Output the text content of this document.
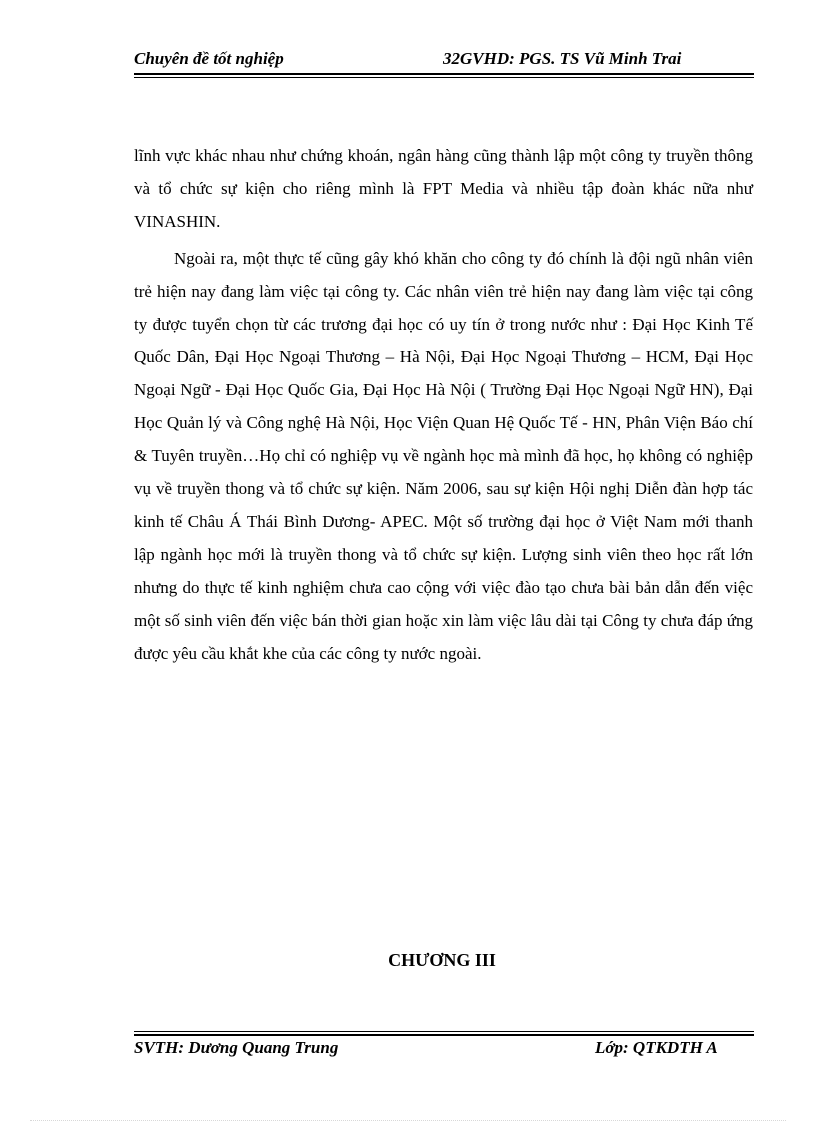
Chuyên đề tốt nghiệp	32GVHD: PGS. TS Vũ Minh Trai

lĩnh vực khác nhau như chứng khoán, ngân hàng cũng thành lập một công ty truyền thông và tổ chức sự kiện cho riêng mình là FPT Media và nhiều tập đoàn khác nữa như VINASHIN.

Ngoài ra, một thực tế cũng gây khó khăn cho công ty đó chính là đội ngũ nhân viên trẻ hiện nay đang làm việc tại công ty. Các nhân viên trẻ hiện nay đang làm việc tại công ty được tuyển chọn từ các trương đại học có uy tín ở trong nước như : Đại Học Kinh Tế Quốc Dân, Đại Học Ngoại Thương – Hà Nội, Đại Học Ngoại Thương – HCM, Đại Học Ngoại Ngữ - Đại Học Quốc Gia, Đại Học Hà Nội ( Trường Đại Học Ngoại Ngữ HN), Đại Học Quản lý và Công nghệ Hà Nội, Học Viện Quan Hệ Quốc Tế - HN, Phân Viện Báo chí & Tuyên truyền…Họ chỉ có nghiệp vụ về ngành học mà mình đã học, họ không có nghiệp vụ về truyền thong và tổ chức sự kiện. Năm 2006, sau sự kiện Hội nghị Diễn đàn hợp tác kinh tế Châu Á Thái Bình Dương- APEC. Một số trường đại học ở Việt Nam mới thanh lập ngành học mới là truyền thong và tổ chức sự kiện. Lượng sinh viên theo học rất lớn nhưng do thực tế kinh nghiệm chưa cao cộng với việc đào tạo chưa bài bản dẫn đến việc một số sinh viên đến việc bán thời gian hoặc xin làm việc lâu dài tại Công ty chưa đáp ứng được yêu cầu khắt khe của các công ty nước ngoài.

CHƯƠNG III
SVTH: Dương Quang Trung	Lớp: QTKDTH A
